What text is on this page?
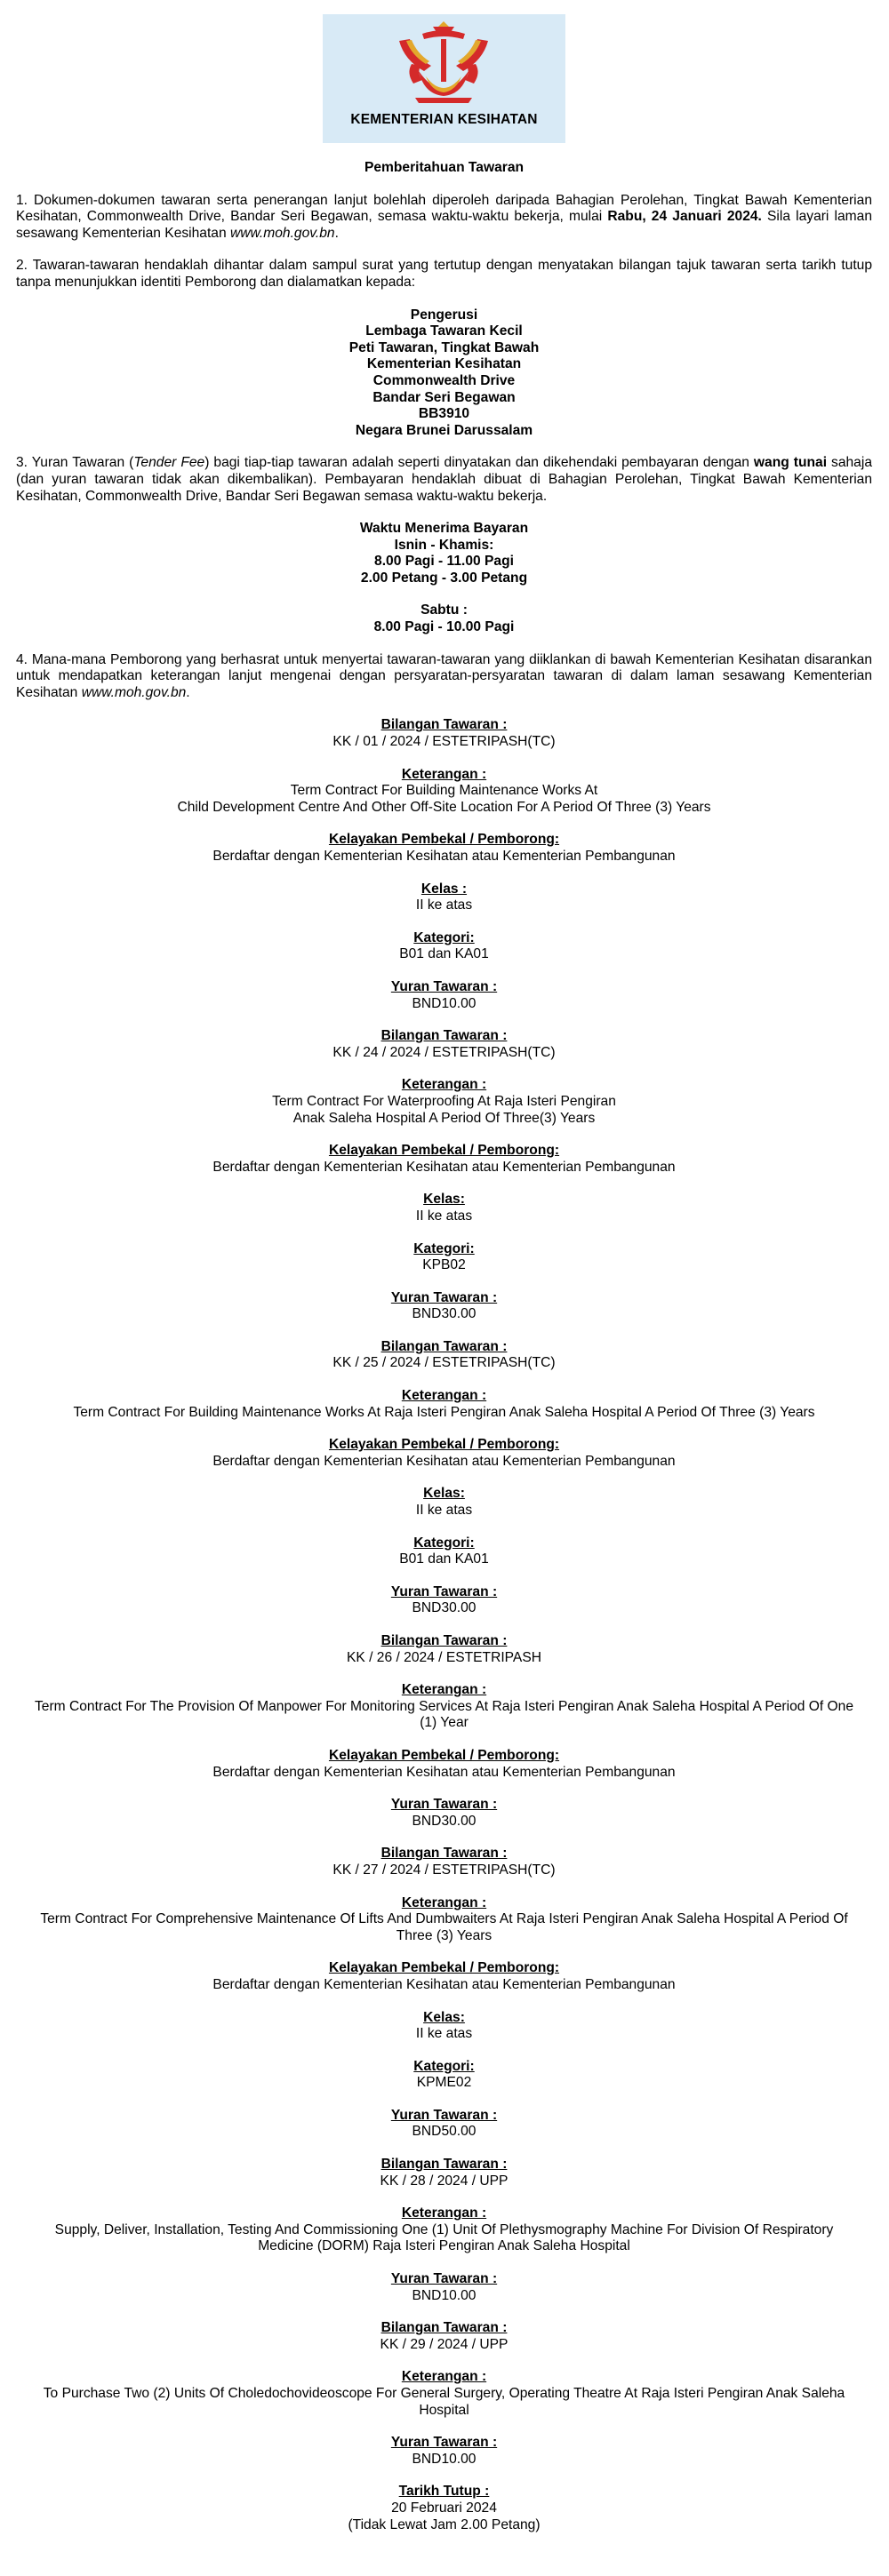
KEMENTERIAN KESIHATAN
Pemberitahuan Tawaran

1. Dokumen-dokumen tawaran serta penerangan lanjut bolehlah diperoleh daripada Bahagian Perolehan, Tingkat Bawah Kementerian Kesihatan, Commonwealth Drive, Bandar Seri Begawan, semasa waktu-waktu bekerja, mulai Rabu, 24 Januari 2024. Sila layari laman sesawang Kementerian Kesihatan www.moh.gov.bn.

2. Tawaran-tawaran hendaklah dihantar dalam sampul surat yang tertutup dengan menyatakan bilangan tajuk tawaran serta tarikh tutup tanpa menunjukkan identiti Pemborong dan dialamatkan kepada:

Pengerusi
Lembaga Tawaran Kecil
Peti Tawaran, Tingkat Bawah
Kementerian Kesihatan
Commonwealth Drive
Bandar Seri Begawan
BB3910
Negara Brunei Darussalam

3. Yuran Tawaran (Tender Fee) bagi tiap-tiap tawaran adalah seperti dinyatakan dan dikehendaki pembayaran dengan wang tunai sahaja (dan yuran tawaran tidak akan dikembalikan). Pembayaran hendaklah dibuat di Bahagian Perolehan, Tingkat Bawah Kementerian Kesihatan, Commonwealth Drive, Bandar Seri Begawan semasa waktu-waktu bekerja.

Waktu Menerima Bayaran
Isnin - Khamis:
8.00 Pagi - 11.00 Pagi
2.00 Petang - 3.00 Petang
Sabtu :
8.00 Pagi - 10.00 Pagi

4. Mana-mana Pemborong yang berhasrat untuk menyertai tawaran-tawaran yang diiklankan di bawah Kementerian Kesihatan disarankan untuk mendapatkan keterangan lanjut mengenai dengan persyaratan-persyaratan tawaran di dalam laman sesawang Kementerian Kesihatan www.moh.gov.bn.

Bilangan Tawaran :
KK / 01 / 2024 / ESTETRIPASH(TC)
Keterangan :
Term Contract For Building Maintenance Works At
Child Development Centre And Other Off-Site Location For A Period Of Three (3) Years
Kelayakan Pembekal / Pemborong:
Berdaftar dengan Kementerian Kesihatan atau Kementerian Pembangunan
Kelas :
II ke atas
Kategori:
B01 dan KA01
Yuran Tawaran :
BND10.00
Bilangan Tawaran :
KK / 24 / 2024 / ESTETRIPASH(TC)
Keterangan :
Term Contract For Waterproofing At Raja Isteri Pengiran
Anak Saleha Hospital A Period Of Three(3) Years
Kelayakan Pembekal / Pemborong:
Berdaftar dengan Kementerian Kesihatan atau Kementerian Pembangunan
Kelas:
II ke atas
Kategori:
KPB02
Yuran Tawaran :
BND30.00
Bilangan Tawaran :
KK / 25 / 2024 / ESTETRIPASH(TC)
Keterangan :
Term Contract For Building Maintenance Works At Raja Isteri Pengiran Anak Saleha Hospital A Period Of Three (3) Years
Kelayakan Pembekal / Pemborong:
Berdaftar dengan Kementerian Kesihatan atau Kementerian Pembangunan
Kelas:
II ke atas
Kategori:
B01 dan KA01
Yuran Tawaran :
BND30.00
Bilangan Tawaran :
KK / 26 / 2024 / ESTETRIPASH
Keterangan :
Term Contract For The Provision Of Manpower For Monitoring Services At Raja Isteri Pengiran Anak Saleha Hospital A Period Of One
(1) Year
Kelayakan Pembekal / Pemborong:
Berdaftar dengan Kementerian Kesihatan atau Kementerian Pembangunan
Yuran Tawaran :
BND30.00
Bilangan Tawaran :
KK / 27 / 2024 / ESTETRIPASH(TC)
Keterangan :
Term Contract For Comprehensive Maintenance Of Lifts And Dumbwaiters At Raja Isteri Pengiran Anak Saleha Hospital A Period Of
Three (3) Years
Kelayakan Pembekal / Pemborong:
Berdaftar dengan Kementerian Kesihatan atau Kementerian Pembangunan
Kelas:
II ke atas
Kategori:
KPME02
Yuran Tawaran :
BND50.00
Bilangan Tawaran :
KK / 28 / 2024 / UPP
Keterangan :
Supply, Deliver, Installation, Testing And Commissioning One (1) Unit Of Plethysmography Machine For Division Of Respiratory
Medicine (DORM) Raja Isteri Pengiran Anak Saleha Hospital
Yuran Tawaran :
BND10.00
Bilangan Tawaran :
KK / 29 / 2024 / UPP
Keterangan :
To Purchase Two (2) Units Of Choledochovideoscope For General Surgery, Operating Theatre At Raja Isteri Pengiran Anak Saleha
Hospital
Yuran Tawaran :
BND10.00
Tarikh Tutup :
20 Februari 2024
(Tidak Lewat Jam 2.00 Petang)
